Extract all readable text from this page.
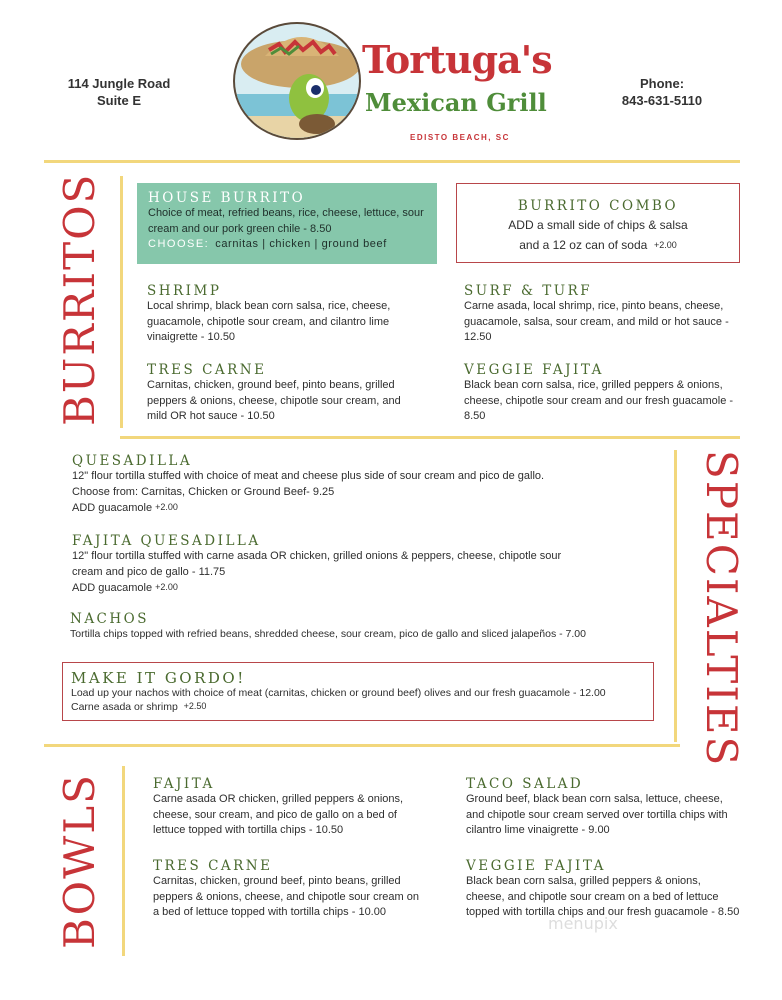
114 Jungle Road
Suite E
Tortuga's
Mexican Grill
EDISTO BEACH, SC
Phone:
843-631-5110
BURRITOS	HOUSE BURRITO
Choice of meat, refried beans, rice, cheese, lettuce, sour cream and our pork green chile - 8.50
CHOOSE: carnitas | chicken | ground beef
BURRITO COMBO
ADD a small side of chips & salsa
and a 12 oz can of soda +2.00
SHRIMP
Local shrimp, black bean corn salsa, rice, cheese, guacamole, chipotle sour cream, and cilantro lime vinaigrette - 10.50
SURF & TURF
Carne asada, local shrimp, rice, pinto beans, cheese, guacamole, salsa, sour cream, and mild or hot sauce - 12.50
TRES CARNE
Carnitas, chicken, ground beef, pinto beans, grilled peppers & onions, cheese, chipotle sour cream, and mild OR hot sauce - 10.50
VEGGIE FAJITA
Black bean corn salsa, rice, grilled peppers & onions, cheese, chipotle sour cream and our fresh guacamole - 8.50
SPECIALTIES
QUESADILLA
12" flour tortilla stuffed with choice of meat and cheese plus side of sour cream and pico de gallo.
Choose from: Carnitas, Chicken or Ground Beef- 9.25
ADD guacamole +2.00
FAJITA QUESADILLA
12" flour tortilla stuffed with carne asada OR chicken, grilled onions & peppers, cheese, chipotle sour
cream and pico de gallo - 11.75
ADD guacamole +2.00
NACHOS
Tortilla chips topped with refried beans, shredded cheese, sour cream, pico de gallo and sliced jalapeños - 7.00
MAKE IT GORDO!
Load up your nachos with choice of meat (carnitas, chicken or ground beef) olives and our fresh guacamole - 12.00
Carne asada or shrimp +2.50
BOWLS	FAJITA
Carne asada OR chicken, grilled peppers & onions, cheese, sour cream, and pico de gallo on a bed of lettuce topped with tortilla chips - 10.50
TACO SALAD
Ground beef, black bean corn salsa, lettuce, cheese, and chipotle sour cream served over tortilla chips with cilantro lime vinaigrette - 9.00
TRES CARNE
Carnitas, chicken, ground beef, pinto beans, grilled peppers & onions, cheese, and chipotle sour cream on a bed of lettuce topped with tortilla chips - 10.00
VEGGIE FAJITA
Black bean corn salsa, grilled peppers & onions, cheese, and chipotle sour cream on a bed of lettuce topped with tortilla chips and our fresh guacamole - 8.50
menupix
